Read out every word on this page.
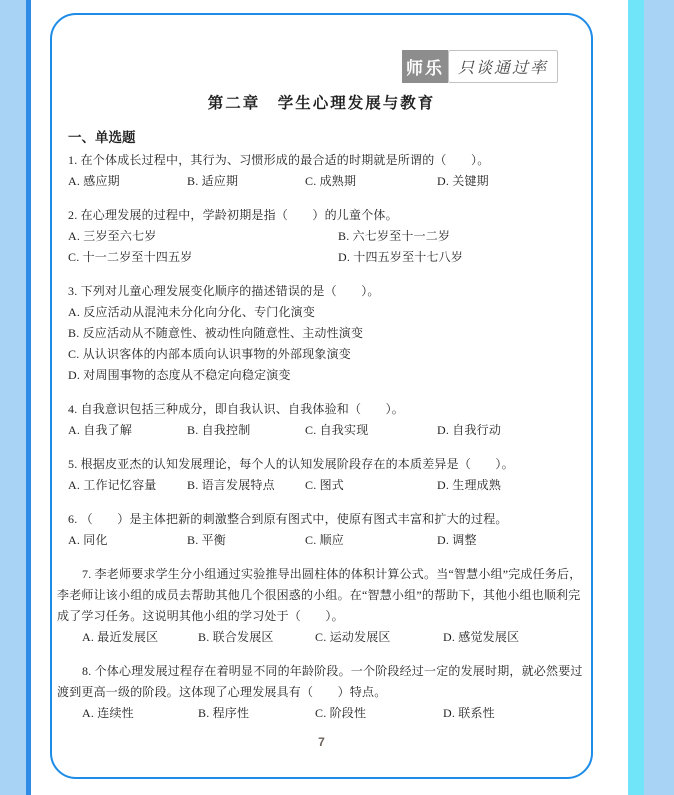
师乐 只谈通过率
第二章　学生心理发展与教育
一、单选题
1. 在个体成长过程中，其行为、习惯形成的最合适的时期就是所谓的（　　）。
A. 感应期	B. 适应期	C. 成熟期	D. 关键期
2. 在心理发展的过程中，学龄初期是指（　　）的儿童个体。
A. 三岁至六七岁	B. 六七岁至十一二岁
C. 十一二岁至十四五岁	D. 十四五岁至十七八岁
3. 下列对儿童心理发展变化顺序的描述错误的是（　　）。
A. 反应活动从混沌未分化向分化、专门化演变
B. 反应活动从不随意性、被动性向随意性、主动性演变
C. 从认识客体的内部本质向认识事物的外部现象演变
D. 对周围事物的态度从不稳定向稳定演变
4. 自我意识包括三种成分，即自我认识、自我体验和（　　）。
A. 自我了解	B. 自我控制	C. 自我实现	D. 自我行动
5. 根据皮亚杰的认知发展理论，每个人的认知发展阶段存在的本质差异是（　　）。
A. 工作记忆容量	B. 语言发展特点	C. 图式	D. 生理成熟
6. （　　）是主体把新的刺激整合到原有图式中，使原有图式丰富和扩大的过程。
A. 同化	B. 平衡	C. 顺应	D. 调整
7. 李老师要求学生分小组通过实验推导出圆柱体的体积计算公式。当“智慧小组”完成任务后，李老师让该小组的成员去帮助其他几个很困惑的小组。在“智慧小组”的帮助下，其他小组也顺利完成了学习任务。这说明其他小组的学习处于（　　）。
A. 最近发展区	B. 联合发展区	C. 运动发展区	D. 感觉发展区
8. 个体心理发展过程存在着明显不同的年龄阶段。一个阶段经过一定的发展时期，就必然要过渡到更高一级的阶段。这体现了心理发展具有（　　）特点。
A. 连续性	B. 程序性	C. 阶段性	D. 联系性
7
